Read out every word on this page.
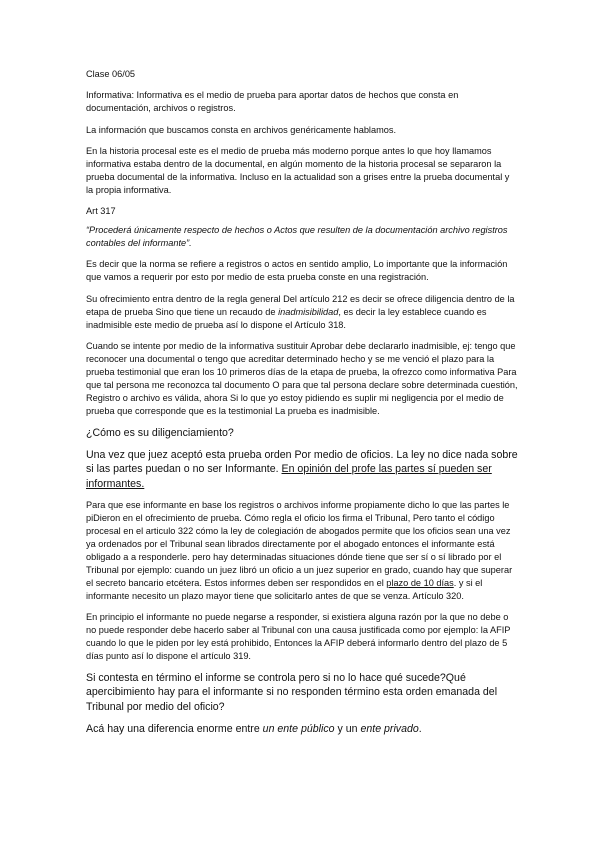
Clase 06/05

Informativa: Informativa es el medio de prueba para aportar datos de hechos que consta en documentación, archivos o registros.

La información que buscamos consta en archivos genéricamente hablamos.

En la historia procesal este es el medio de prueba más moderno porque antes lo que hoy llamamos informativa estaba dentro de la documental, en algún momento de la historia procesal se separaron la prueba documental de la informativa. Incluso en la actualidad son a grises entre la prueba documental y la propia informativa.

Art 317

“Procederá únicamente respecto de hechos o Actos que resulten de la documentación archivo registros contables del informante”.

Es decir que la norma se refiere a registros o actos en sentido amplio, Lo importante que la información que vamos a requerir por esto por medio de esta prueba conste en una registración.

Su ofrecimiento entra dentro de la regla general Del artículo 212 es decir se ofrece diligencia dentro de la etapa de prueba Sino que tiene un recaudo de inadmisibilidad, es decir la ley establece cuando es inadmisible este medio de prueba así lo dispone el Artículo 318.

Cuando se intente por medio de la informativa sustituir Aprobar debe declararlo inadmisible, ej: tengo que reconocer una documental o tengo que acreditar determinado hecho y se me venció el plazo para la prueba testimonial que eran los 10 primeros días de la etapa de prueba, la ofrezco como informativa Para que tal persona me reconozca tal documento O para que tal persona declare sobre determinada cuestión, Registro o archivo es válida, ahora Si lo que yo estoy pidiendo es suplir mi negligencia por el medio de prueba que corresponde que es la testimonial La prueba es inadmisible.

¿Cómo es su diligenciamiento?

Una vez que juez aceptó esta prueba orden Por medio de oficios. La ley no dice nada sobre si las partes puedan o no ser Informante. En opinión del profe las partes sí pueden ser informantes.

Para que ese informante en base los registros o archivos informe propiamente dicho lo que las partes le piDieron en el ofrecimiento de prueba. Cómo regla el oficio los firma el Tribunal, Pero tanto el código procesal en el articulo 322 cómo la ley de colegiación de abogados permite que los oficios sean una vez ya ordenados por el Tribunal sean librados directamente por el abogado entonces el informante está obligado a a responderle. pero hay determinadas situaciones dónde tiene que ser sí o sí librado por el Tribunal por ejemplo: cuando un juez libró un oficio a un juez superior en grado, cuando hay que superar el secreto bancario etcétera. Estos informes deben ser respondidos en el plazo de 10 días. y si el informante necesito un plazo mayor tiene que solicitarlo antes de que se venza. Artículo 320.

En principio el informante no puede negarse a responder, si existiera alguna razón por la que no debe o no puede responder debe hacerlo saber al Tribunal con una causa justificada como por ejemplo: la AFIP cuando lo que le piden por ley está prohibido, Entonces la AFIP deberá informarlo dentro del plazo de 5 días punto así lo dispone el artículo 319.

Si contesta en término el informe se controla pero si no lo hace qué sucede?Qué apercibimiento hay para el informante si no responden término esta orden emanada del Tribunal por medio del oficio?

Acá hay una diferencia enorme entre un ente público y un ente privado.
